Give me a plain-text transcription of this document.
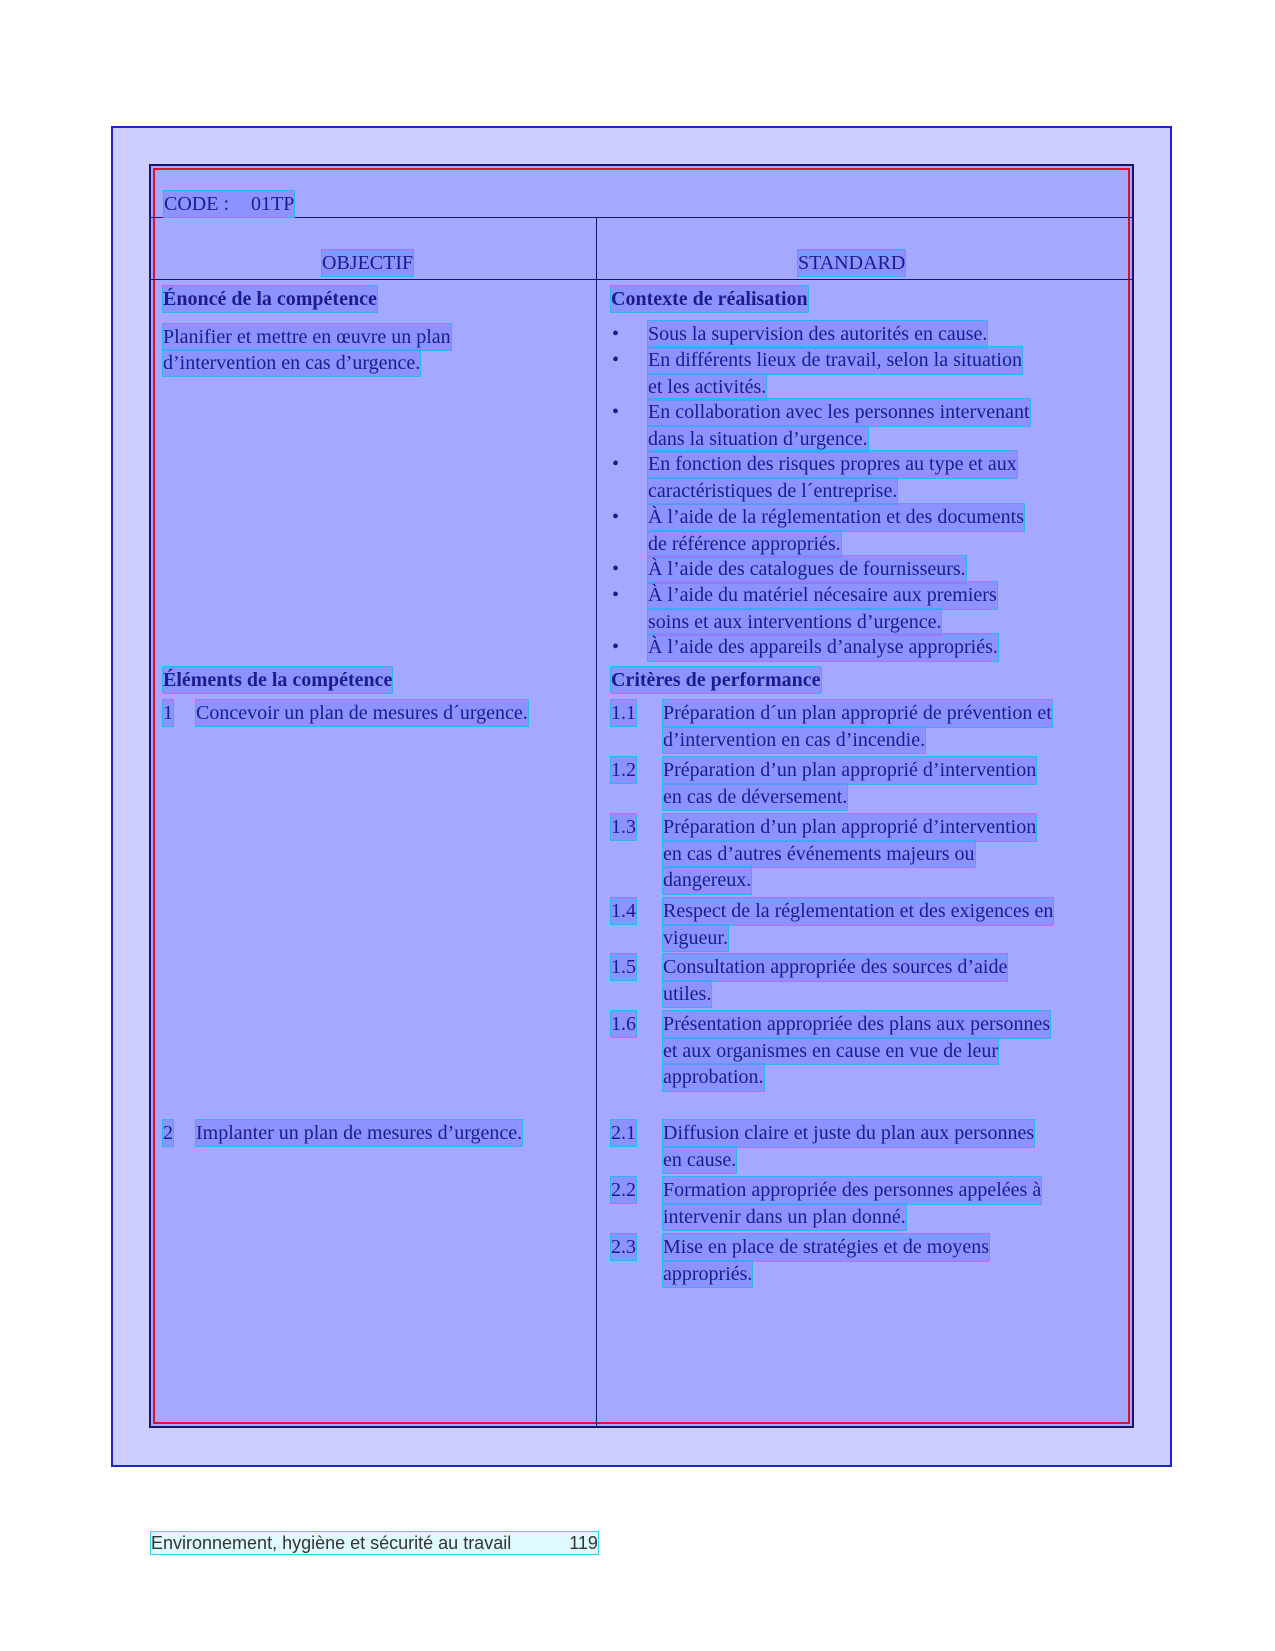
CODE : 01TP
OBJECTIF	STANDARD
Énoncé de la compétence
Planifier et mettre en œuvre un plan
d’intervention en cas d’urgence.
Contexte de réalisation
• Sous la supervision des autorités en cause.
• En différents lieux de travail, selon la situation
et les activités.
• En collaboration avec les personnes intervenant
dans la situation d’urgence.
• En fonction des risques propres au type et aux
caractéristiques de l´entreprise.
• À l’aide de la réglementation et des documents
de référence appropriés.
• À l’aide des catalogues de fournisseurs.
• À l’aide du matériel nécesaire aux premiers
soins et aux interventions d’urgence.
• À l’aide des appareils d’analyse appropriés.
Éléments de la compétence
1 Concevoir un plan de mesures d´urgence.
2 Implanter un plan de mesures d’urgence.
Critères de performance
1.1 Préparation d´un plan approprié de prévention et
d’intervention en cas d’incendie.
1.2 Préparation d’un plan approprié d’intervention
en cas de déversement.
1.3 Préparation d’un plan approprié d’intervention
en cas d’autres événements majeurs ou
dangereux.
1.4 Respect de la réglementation et des exigences en
vigueur.
1.5 Consultation appropriée des sources d’aide
utiles.
1.6 Présentation appropriée des plans aux personnes
et aux organismes en cause en vue de leur
approbation.
2.1 Diffusion claire et juste du plan aux personnes
en cause.
2.2 Formation appropriée des personnes appelées à
intervenir dans un plan donné.
2.3 Mise en place de stratégies et de moyens
appropriés.
Environnement, hygiène et sécurité au travail	119
